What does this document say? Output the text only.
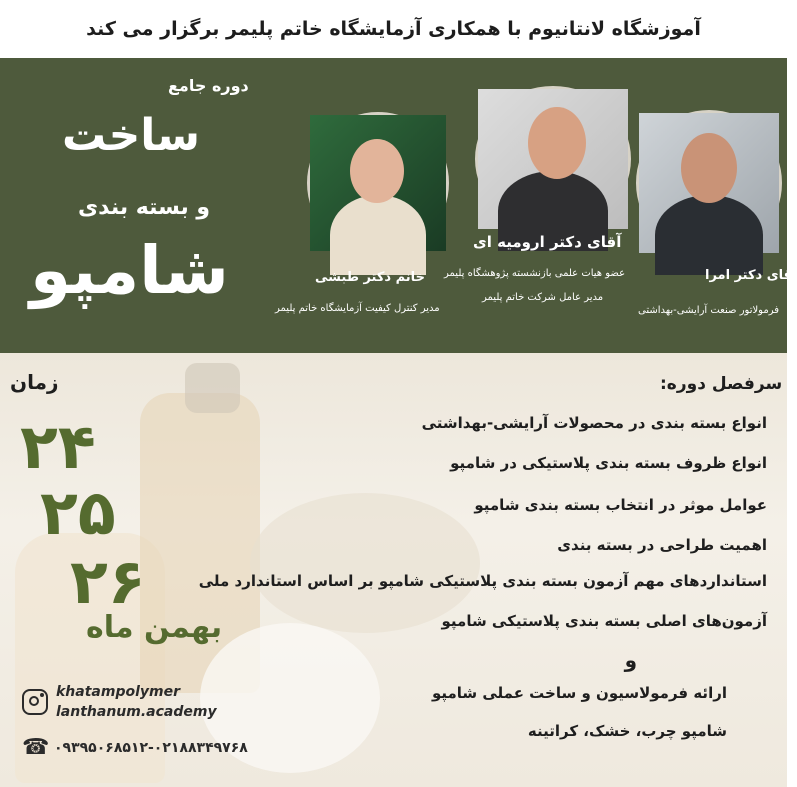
آموزشگاه لانتانیوم با همکاری آزمایشگاه خاتم پلیمر برگزار می کند
دوره جامع
ساخت
و بسته بندی
شامپو	خانم دکتر طبشی
مدیر کنترل کیفیت آزمایشگاه خاتم پلیمر
آقای دکتر ارومیه ای
عضو هیات علمی بازنشسته پژوهشگاه پلیمر
مدیر عامل شرکت خاتم پلیمر
آقای دکتر امرا
فرمولاتور صنعت آرایشی-بهداشتی
زمان
۲۴
۲۵
۲۶
بهمن ماه
سرفصل دوره:
انواع بسته بندی در محصولات آرایشی-بهداشتی
انواع ظروف بسته بندی پلاستیکی در شامپو
عوامل موثر در انتخاب بسته بندی شامپو
اهمیت طراحی در بسته بندی
استانداردهای مهم آزمون بسته بندی پلاستیکی شامپو بر اساس استاندارد ملی
آزمون‌های اصلی بسته بندی پلاستیکی شامپو
و
ارائه فرمولاسیون و ساخت عملی شامپو
شامپو چرب، خشک، کراتینه
khatampolymer
lanthanum.academy
☎ ۰۹۳۹۵۰۶۸۵۱۲-۰۲۱۸۸۳۴۹۷۶۸
